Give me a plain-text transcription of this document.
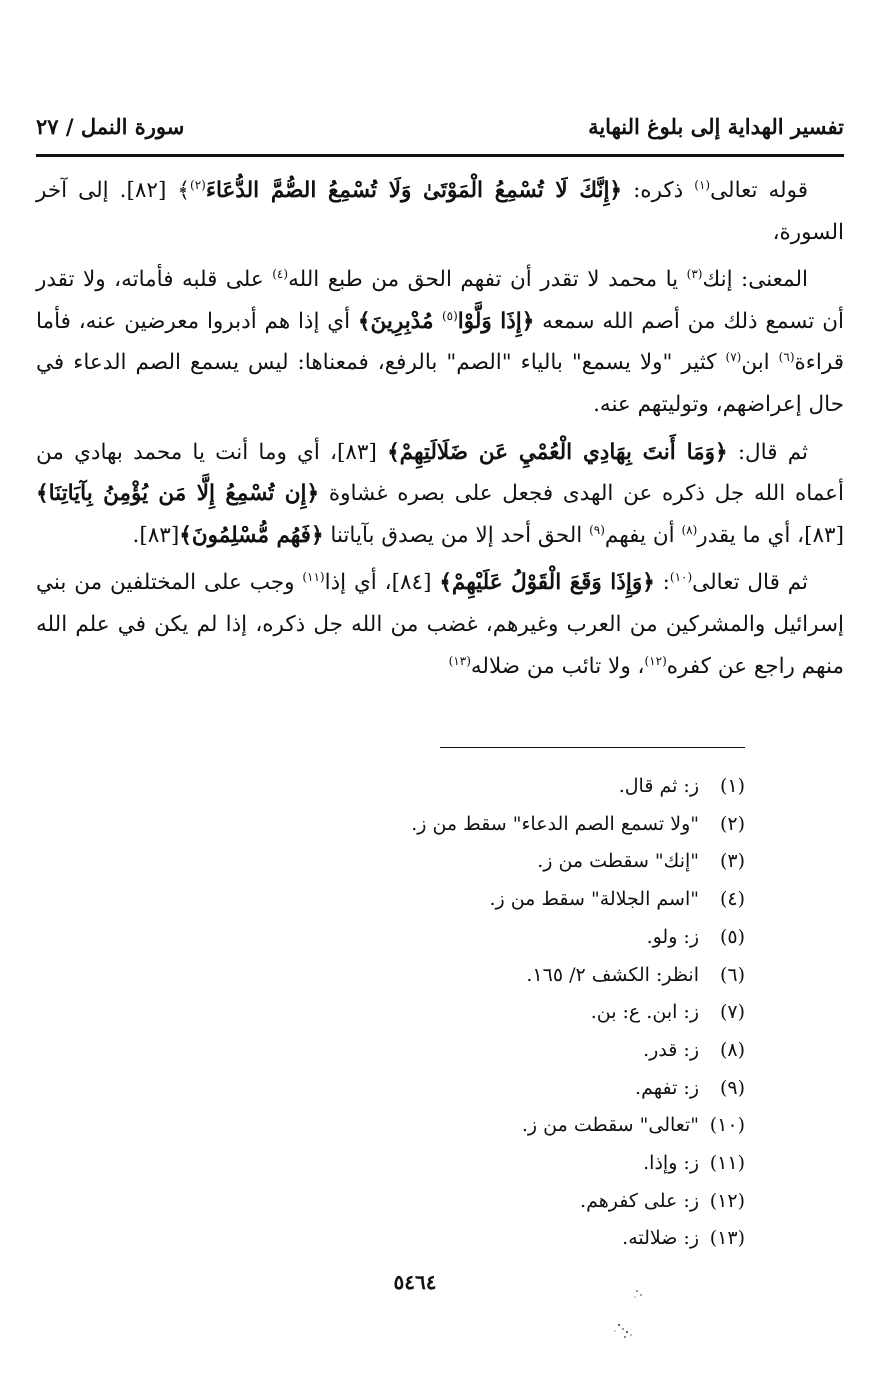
تفسير الهداية إلى بلوغ النهاية
سورة النمل / ٢٧

قوله تعالى$^{(١)}$ ذكره: ﴿إِنَّكَ لَا تُسْمِعُ الْمَوْتَىٰ وَلَا تُسْمِعُ الصُّمَّ الدُّعَاءَ$^{(٢)}$﴾ [٨٢]. إلى آخر السورة،

المعنى: إنك$^{(٣)}$ يا محمد لا تقدر أن تفهم الحق من طبع الله$^{(٤)}$ على قلبه فأماته، ولا تقدر أن تسمع ذلك من أصم الله سمعه ﴿إِذَا وَلَّوْا$^{(٥)}$ مُدْبِرِينَ﴾ أي إذا هم أدبروا معرضين عنه، فأما قراءة$^{(٦)}$ ابن$^{(٧)}$ كثير "ولا يسمع" بالياء "الصم" بالرفع، فمعناها: ليس يسمع الصم الدعاء في حال إعراضهم، وتوليتهم عنه.

ثم قال: ﴿وَمَا أَنتَ بِهَادِي الْعُمْيِ عَن ضَلَالَتِهِمْ﴾ [٨٣]، أي وما أنت يا محمد بهادي من أعماه الله جل ذكره عن الهدى فجعل على بصره غشاوة ﴿إِن تُسْمِعُ إِلَّا مَن يُؤْمِنُ بِآيَاتِنَا﴾ [٨٣]، أي ما يقدر$^{(٨)}$ أن يفهم$^{(٩)}$ الحق أحد إلا من يصدق بآياتنا ﴿فَهُم مُّسْلِمُونَ﴾[٨٣].

ثم قال تعالى$^{(١٠)}$: ﴿وَإِذَا وَقَعَ الْقَوْلُ عَلَيْهِمْ﴾ [٨٤]، أي إذا$^{(١١)}$ وجب على المختلفين من بني إسرائيل والمشركين من العرب وغيرهم، غضب من الله جل ذكره، إذا لم يكن في علم الله منهم راجع عن كفره$^{(١٢)}$، ولا تائب من ضلاله$^{(١٣)}$

(١)ز: ثم قال.
(٢)"ولا تسمع الصم الدعاء" سقط من ز.
(٣)"إنك" سقطت من ز.
(٤)"اسم الجلالة" سقط من ز.
(٥)ز: ولو.
(٦)انظر: الكشف ٢/ ١٦٥.
(٧)ز: ابن. ع: بن.
(٨)ز: قدر.
(٩)ز: تفهم.
(١٠)"تعالى" سقطت من ز.
(١١)ز: وإذا.
(١٢)ز: على كفرهم.
(١٣)ز: ضلالته.
٥٤٦٤
